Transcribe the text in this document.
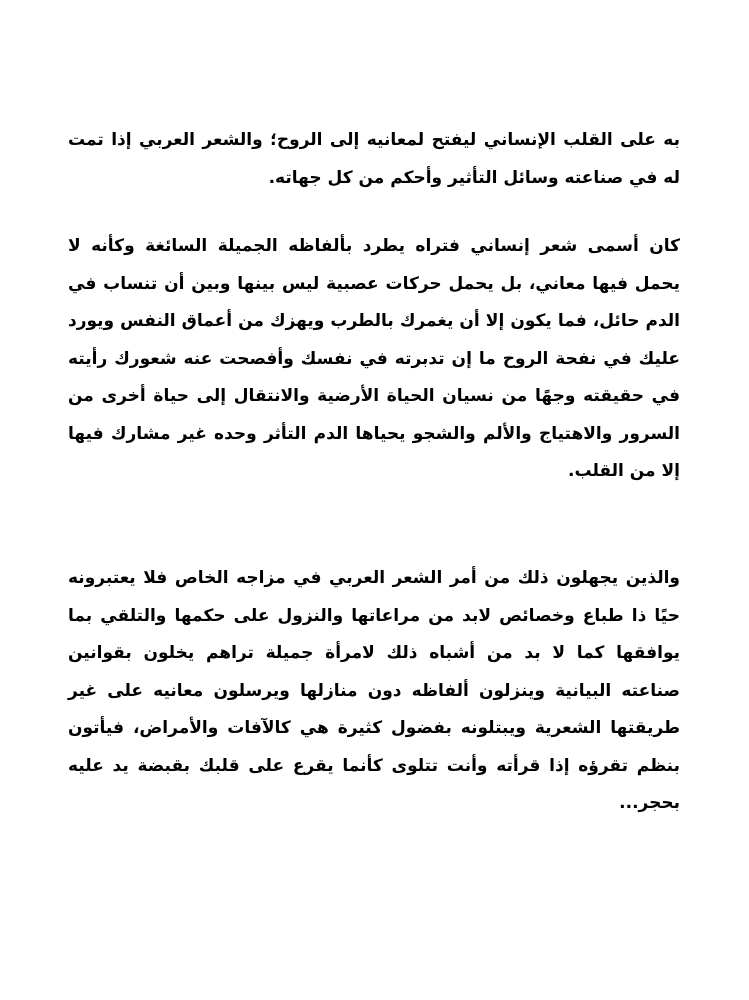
به على القلب الإنساني ليفتح لمعانيه إلى الروح؛ والشعر العربي إذا تمت له في صناعته وسائل التأثير وأحكم من كل جهاته.

كان أسمى شعر إنساني فتراه يطرد بألفاظه الجميلة السائغة وكأنه لا يحمل فيها معاني، بل يحمل حركات عصبية ليس بينها وبين أن تنساب في الدم حائل، فما يكون إلا أن يغمرك بالطرب ويهزك من أعماق النفس ويورد عليك في نفحة الروح ما إن تدبرته في نفسك وأفصحت عنه شعورك رأيته في حقيقته وجهًا من نسيان الحياة الأرضية والانتقال إلى حياة أخرى من السرور والاهتياج والألم والشجو يحياها الدم التأثر وحده غير مشارك فيها إلا من القلب.

والذين يجهلون ذلك من أمر الشعر العربي في مزاجه الخاص فلا يعتبرونه حيًا ذا طباع وخصائص لابد من مراعاتها والنزول على حكمها والتلقي بما يوافقها كما لا بد من أشباه ذلك لامرأة جميلة تراهم يخلون بقوانين صناعته البيانية وينزلون ألفاظه دون منازلها ويرسلون معانيه على غير طريقتها الشعرية ويبتلونه بفضول كثيرة هي كالآفات والأمراض، فيأتون بنظم تقرؤه إذا قرأته وأنت تتلوى كأنما يقرع على قلبك بقبضة يد عليه بحجر...
